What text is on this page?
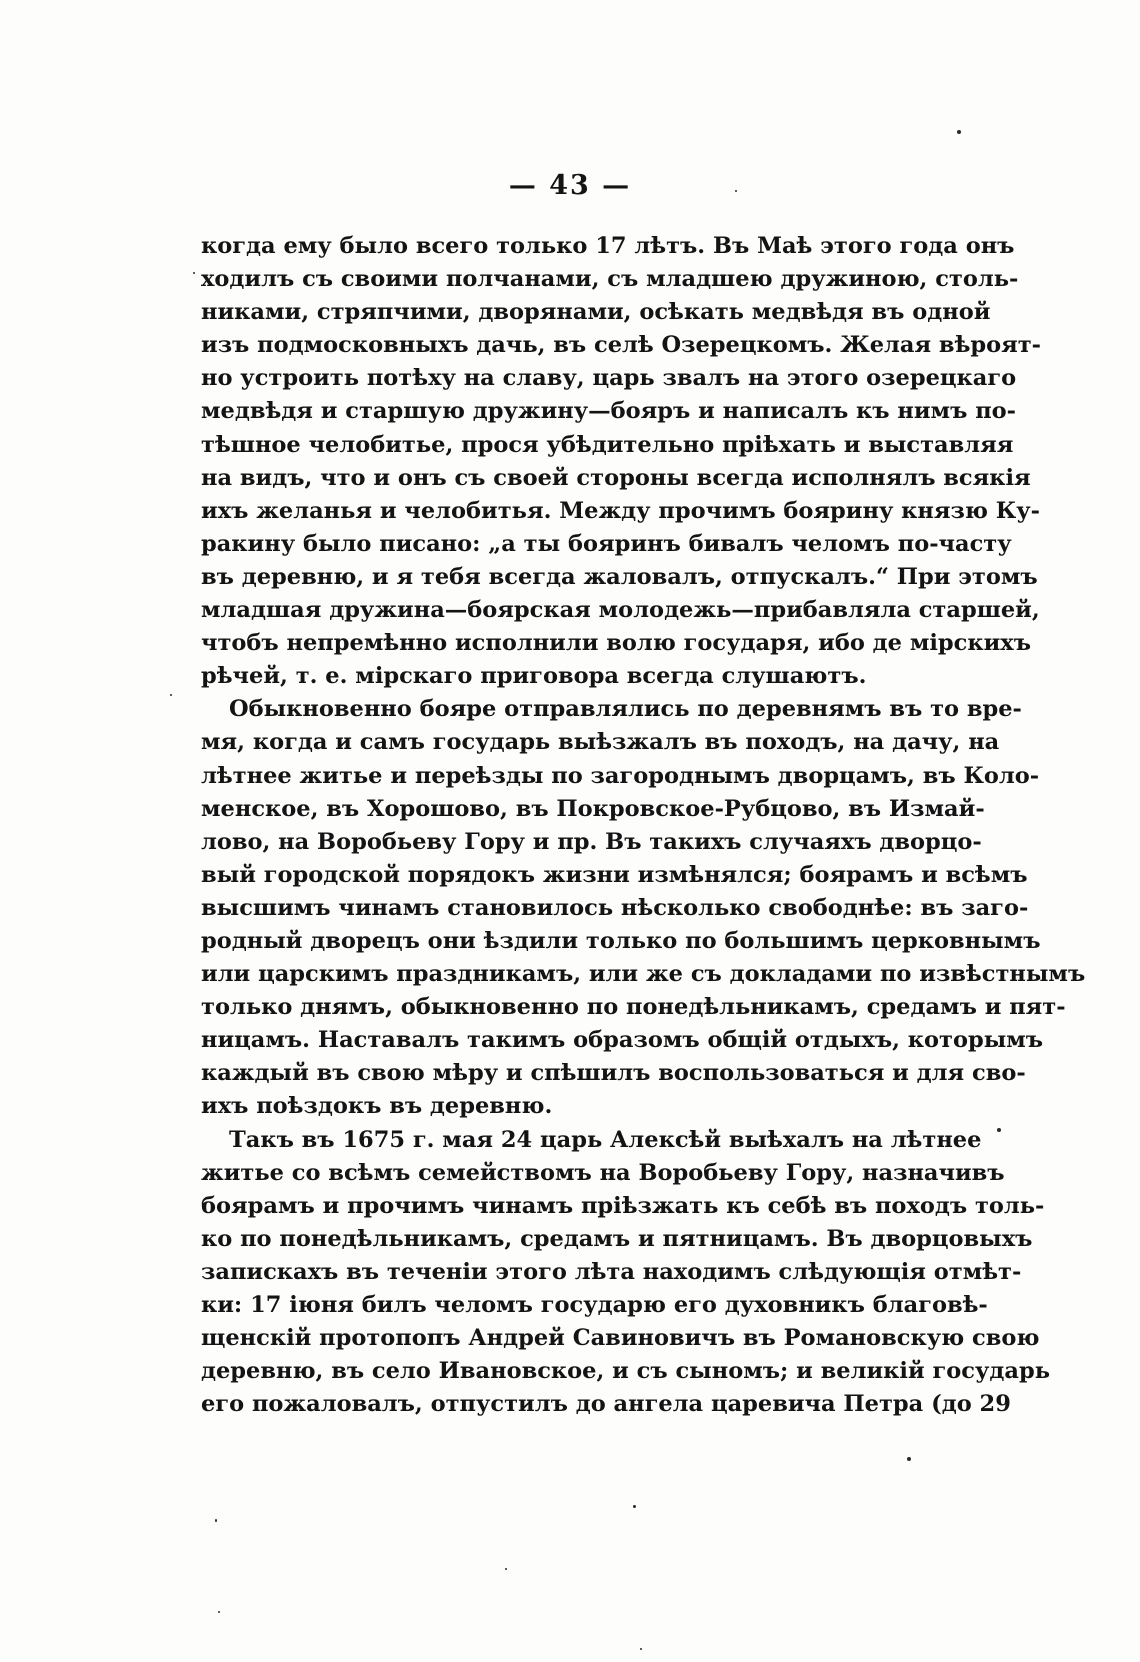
— 43 —
когда ему было всего только 17 лѣтъ. Въ Маѣ этого года онъ
ходилъ съ своими полчанами, съ младшею дружиною, столь-
никами, стряпчими, дворянами, осѣкать медвѣдя въ одной
изъ подмосковныхъ дачь, въ селѣ Озерецкомъ. Желая вѣроят-
но устроить потѣху на славу, царь звалъ на этого озерецкаго
медвѣдя и старшую дружину—бояръ и написалъ къ нимъ по-
тѣшное челобитье, прося убѣдительно пріѣхать и выставляя
на видъ, что и онъ съ своей стороны всегда исполнялъ всякія
ихъ желанья и челобитья. Между прочимъ боярину князю Ку-
ракину было писано: „а ты бояринъ бивалъ челомъ по-часту
въ деревню, и я тебя всегда жаловалъ, отпускалъ.“ При этомъ
младшая дружина—боярская молодежь—прибавляла старшей,
чтобъ непремѣнно исполнили волю государя, ибо де мірскихъ
рѣчей, т. е. мірскаго приговора всегда слушаютъ.
Обыкновенно бояре отправлялись по деревнямъ въ то вре-
мя, когда и самъ государь выѣзжалъ въ походъ, на дачу, на
лѣтнее житье и переѣзды по загороднымъ дворцамъ, въ Коло-
менское, въ Хорошово, въ Покровское-Рубцово, въ Измай-
лово, на Воробьеву Гору и пр. Въ такихъ случаяхъ дворцо-
вый городской порядокъ жизни измѣнялся; боярамъ и всѣмъ
высшимъ чинамъ становилось нѣсколько свободнѣе: въ заго-
родный дворецъ они ѣздили только по большимъ церковнымъ
или царскимъ праздникамъ, или же съ докладами по извѣстнымъ
только днямъ, обыкновенно по понедѣльникамъ, средамъ и пят-
ницамъ. Наставалъ такимъ образомъ общій отдыхъ, которымъ
каждый въ свою мѣру и спѣшилъ воспользоваться и для сво-
ихъ поѣздокъ въ деревню.
Такъ въ 1675 г. мая 24 царь Алексѣй выѣхалъ на лѣтнее
житье со всѣмъ семействомъ на Воробьеву Гору, назначивъ
боярамъ и прочимъ чинамъ пріѣзжать къ себѣ въ походъ толь-
ко по понедѣльникамъ, средамъ и пятницамъ. Въ дворцовыхъ
запискахъ въ теченіи этого лѣта находимъ слѣдующія отмѣт-
ки: 17 іюня билъ челомъ государю его духовникъ благовѣ-
щенскій протопопъ Андрей Савиновичъ въ Романовскую свою
деревню, въ село Ивановское, и съ сыномъ; и великій государь
его пожаловалъ, отпустилъ до ангела царевича Петра (до 29
